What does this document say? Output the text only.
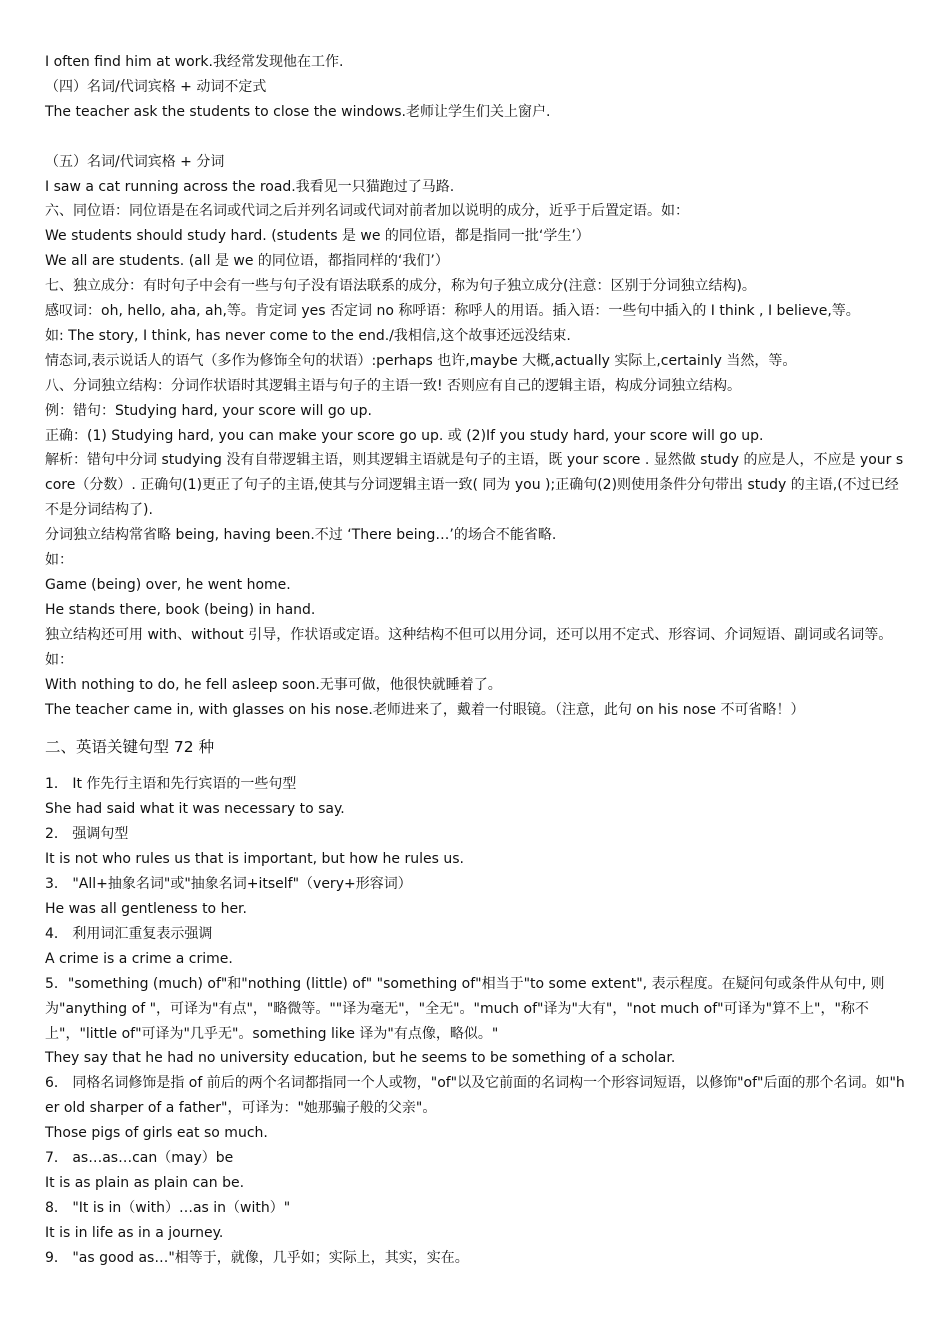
I often find him at work.我经常发现他在工作.

（四）名词/代词宾格 + 动词不定式

The teacher ask the students to close the windows.老师让学生们关上窗户.

（五）名词/代词宾格 + 分词

I saw a cat running across the road.我看见一只猫跑过了马路.

六、同位语：同位语是在名词或代词之后并列名词或代词对前者加以说明的成分，近乎于后置定语。如：

We students should study hard. (students 是 we 的同位语，都是指同一批‘学生’）

We all are students. (all 是 we 的同位语，都指同样的‘我们’）

七、独立成分：有时句子中会有一些与句子没有语法联系的成分，称为句子独立成分(注意：区别于分词独立结构)。

感叹词：oh, hello, aha, ah,等。肯定词 yes 否定词 no 称呼语：称呼人的用语。插入语：一些句中插入的 I think , I believe,等。

如: The story, I think, has never come to the end./我相信,这个故事还远没结束.

情态词,表示说话人的语气（多作为修饰全句的状语）:perhaps 也许,maybe 大概,actually 实际上,certainly 当然，等。

八、分词独立结构：分词作状语时其逻辑主语与句子的主语一致! 否则应有自己的逻辑主语，构成分词独立结构。

例：错句：Studying hard, your score will go up.

正确：(1) Studying hard, you can make your score go up. 或 (2)If you study hard, your score will go up.

解析：错句中分词 studying 没有自带逻辑主语，则其逻辑主语就是句子的主语，既 your score . 显然做 study 的应是人，不应是 your score（分数）. 正确句(1)更正了句子的主语,使其与分词逻辑主语一致( 同为 you );正确句(2)则使用条件分句带出 study 的主语,(不过已经不是分词结构了).

分词独立结构常省略 being, having been.不过 ‘There being…’的场合不能省略.

如：

Game (being) over, he went home.

He stands there, book (being) in hand.

独立结构还可用 with、without 引导，作状语或定语。这种结构不但可以用分词，还可以用不定式、形容词、介词短语、副词或名词等。如：

With nothing to do, he fell asleep soon.无事可做，他很快就睡着了。

The teacher came in, with glasses on his nose.老师进来了，戴着一付眼镜。（注意，此句 on his nose 不可省略！）

二、英语关键句型 72 种

1． It 作先行主语和先行宾语的一些句型

She had said what it was necessary to say.

2． 强调句型

It is not who rules us that is important, but how he rules us.

3． "All+抽象名词"或"抽象名词+itself"（very+形容词）

He was all gentleness to her.

4． 利用词汇重复表示强调

A crime is a crime a crime.

5．"something (much) of"和"nothing (little) of" "something of"相当于"to some extent", 表示程度。在疑问句或条件从句中, 则为"anything of "，可译为"有点"，"略微等。""译为毫无"，"全无"。"much of"译为"大有"，"not much of"可译为"算不上"，"称不上"，"little of"可译为"几乎无"。something like 译为"有点像，略似。"

They say that he had no university education, but he seems to be something of a scholar.

6． 同格名词修饰是指 of 前后的两个名词都指同一个人或物，"of"以及它前面的名词构一个形容词短语，以修饰"of"后面的那个名词。如"her old sharper of a father"，可译为："她那骗子般的父亲"。

Those pigs of girls eat so much.

7． as…as…can（may）be

It is as plain as plain can be.

8． "It is in（with）…as in（with）"

It is in life as in a journey.

9． "as good as…"相等于，就像，几乎如；实际上，其实，实在。
